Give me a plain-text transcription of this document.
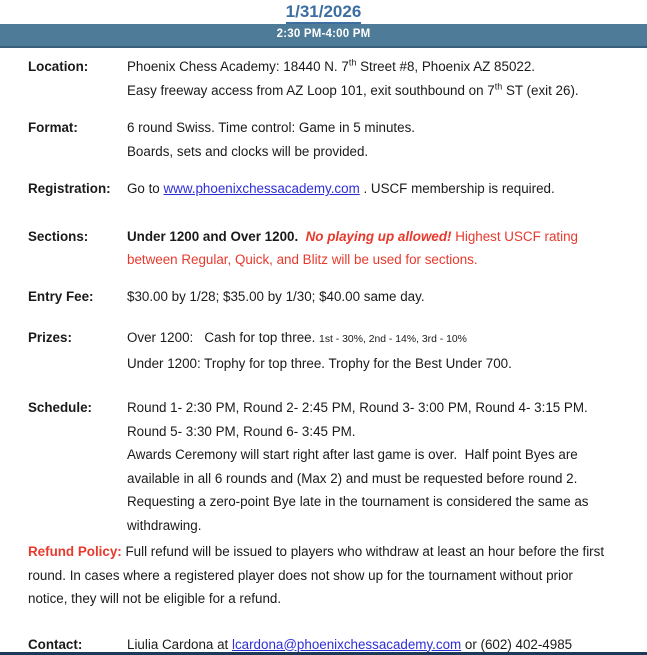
1/31/2026
2:30 PM-4:00 PM
Location:	Phoenix Chess Academy: 18440 N. 7th Street #8, Phoenix AZ 85022.
Easy freeway access from AZ Loop 101, exit southbound on 7th ST (exit 26).
Format:	6 round Swiss. Time control: Game in 5 minutes.
Boards, sets and clocks will be provided.
Registration:	Go to www.phoenixchessacademy.com . USCF membership is required.
Sections:	Under 1200 and Over 1200.  No playing up allowed! Highest USCF rating
between Regular, Quick, and Blitz will be used for sections.
Entry Fee:	$30.00 by 1/28; $35.00 by 1/30; $40.00 same day.
Prizes:	Over 1200:   Cash for top three. 1st - 30%, 2nd - 14%, 3rd - 10%
Under 1200: Trophy for top three. Trophy for the Best Under 700.
Schedule:	Round 1- 2:30 PM, Round 2- 2:45 PM, Round 3- 3:00 PM, Round 4- 3:15 PM.
Round 5- 3:30 PM, Round 6- 3:45 PM.
Awards Ceremony will start right after last game is over.  Half point Byes are
available in all 6 rounds and (Max 2) and must be requested before round 2.
Requesting a zero-point Bye late in the tournament is considered the same as
withdrawing.
Refund Policy: Full refund will be issued to players who withdraw at least an hour before the first
round. In cases where a registered player does not show up for the tournament without prior
notice, they will not be eligible for a refund.
Contact:	Liulia Cardona at lcardona@phoenixchessacademy.com or (602) 402-4985
